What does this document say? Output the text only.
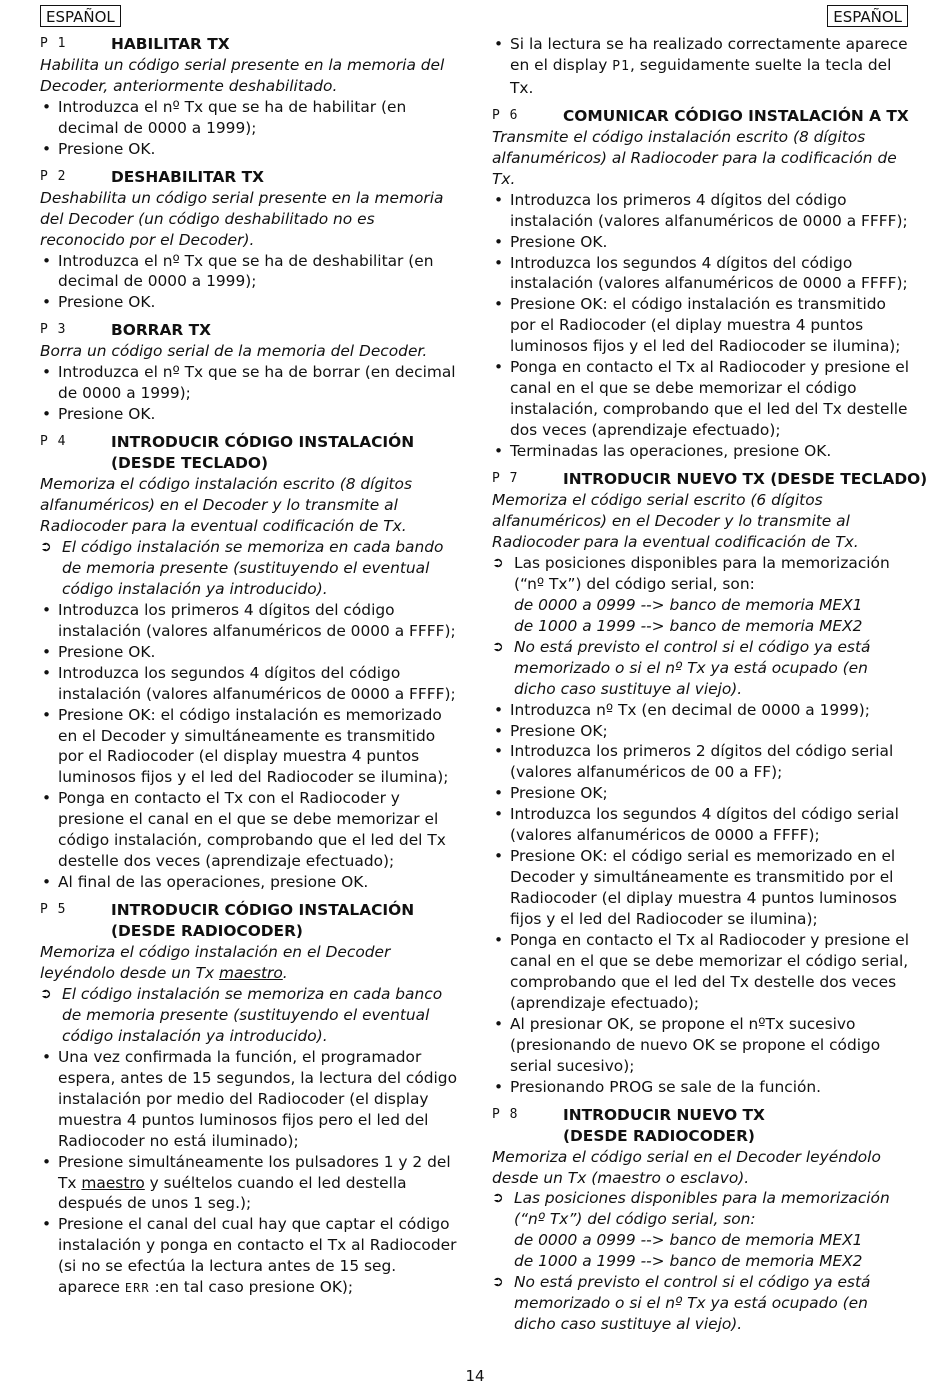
ESPAÑOL	ESPAÑOL
P 1	HABILITAR TX
Habilita un código serial presente en la memoria del Decoder, anteriormente deshabilitado.
• Introduzca el nº Tx que se ha de habilitar (en decimal de 0000 a 1999);
• Presione OK.
P 2	DESHABILITAR TX
Deshabilita un código serial presente en la memoria del Decoder (un código deshabilitado no es reconocido por el Decoder).
• Introduzca el nº Tx que se ha de deshabilitar (en decimal de 0000 a 1999);
• Presione OK.
P 3	BORRAR TX
Borra un código serial de la memoria del Decoder.
• Introduzca el nº Tx que se ha de borrar (en decimal de 0000 a 1999);
• Presione OK.
P 4	INTRODUCIR CÓDIGO INSTALACIÓN
(DESDE TECLADO)
Memoriza el código instalación escrito (8 dígitos alfanuméricos) en el Decoder y lo transmite al Radiocoder para la eventual codificación de Tx.
➲ El código instalación se memoriza en cada bando de memoria presente (sustituyendo el eventual código instalación ya introducido).
• Introduzca los primeros 4 dígitos del código instalación (valores alfanuméricos de 0000 a FFFF);
• Presione OK.
• Introduzca los segundos 4 dígitos del código instalación (valores alfanuméricos de 0000 a FFFF);
• Presione OK: el código instalación es memorizado en el Decoder y simultáneamente es transmitido por el Radiocoder (el display muestra 4 puntos luminosos fijos y el led del Radiocoder se ilumina);
• Ponga en contacto el Tx con el Radiocoder y presione el canal en el que se debe memorizar el código instalación, comprobando que el led del Tx destelle dos veces (aprendizaje efectuado);
• Al final de las operaciones, presione OK.
P 5	INTRODUCIR CÓDIGO INSTALACIÓN
(DESDE RADIOCODER)
Memoriza el código instalación en el Decoder leyéndolo desde un Tx maestro.
➲ El código instalación se memoriza en cada banco de memoria presente (sustituyendo el eventual código instalación ya introducido).
• Una vez confirmada la función, el programador espera, antes de 15 segundos, la lectura del código instalación por medio del Radiocoder (el display muestra 4 puntos luminosos fijos pero el led del Radiocoder no está iluminado);
• Presione simultáneamente los pulsadores 1 y 2 del Tx maestro y suéltelos cuando el led destella después de unos 1 seg.);
• Presione el canal del cual hay que captar el código instalación y ponga en contacto el Tx al Radiocoder (si no se efectúa la lectura antes de 15 seg. aparece ERR :en tal caso presione OK);
• Si la lectura se ha realizado correctamente aparece en el display P1, seguidamente suelte la tecla del Tx.
P 6	COMUNICAR CÓDIGO INSTALACIÓN A TX
Transmite el código instalación escrito (8 dígitos alfanuméricos) al Radiocoder para la codificación de Tx.
• Introduzca los primeros 4 dígitos del código instalación (valores alfanuméricos de 0000 a FFFF);
• Presione OK.
• Introduzca los segundos 4 dígitos del código instalación (valores alfanuméricos de 0000 a FFFF);
• Presione OK: el código instalación es transmitido por el Radiocoder (el diplay muestra 4 puntos luminosos fijos y el led del Radiocoder se ilumina);
• Ponga en contacto el Tx al Radiocoder y presione el canal en el que se debe memorizar el código instalación, comprobando que el led del Tx destelle dos veces (aprendizaje efectuado);
• Terminadas las operaciones, presione OK.
P 7	INTRODUCIR NUEVO TX (DESDE TECLADO)
Memoriza el código serial escrito (6 dígitos alfanuméricos) en el Decoder y lo transmite al Radiocoder para la eventual codificación de Tx.
➲ Las posiciones disponibles para la memorización (“nº Tx”) del código serial, son:
de 0000 a 0999 --> banco de memoria MEX1
de 1000 a 1999 --> banco de memoria MEX2
➲ No está previsto el control si el código ya está memorizado o si el nº Tx ya está ocupado (en dicho caso sustituye al viejo).
• Introduzca nº Tx (en decimal de 0000 a 1999);
• Presione OK;
• Introduzca los primeros 2 dígitos del código serial (valores alfanuméricos de 00 a FF);
• Presione OK;
• Introduzca los segundos 4 dígitos del código serial (valores alfanuméricos de 0000 a FFFF);
• Presione OK: el código serial es memorizado en el Decoder y simultáneamente es transmitido por el Radiocoder (el diplay muestra 4 puntos luminosos fijos y el led del Radiocoder se ilumina);
• Ponga en contacto el Tx al Radiocoder y presione el canal en el que se debe memorizar el código serial, comprobando que el led del Tx destelle dos veces (aprendizaje efectuado);
• Al presionar OK, se propone el nºTx sucesivo (presionando de nuevo OK se propone el código serial sucesivo);
• Presionando PROG se sale de la función.
P 8	INTRODUCIR NUEVO TX
(DESDE RADIOCODER)
Memoriza el código serial en el Decoder leyéndolo desde un Tx (maestro o esclavo).
➲ Las posiciones disponibles para la memorización (“nº Tx”) del código serial, son:
de 0000 a 0999 --> banco de memoria MEX1
de 1000 a 1999 --> banco de memoria MEX2
➲ No está previsto el control si el código ya está memorizado o si el nº Tx ya está ocupado (en dicho caso sustituye al viejo).
14
